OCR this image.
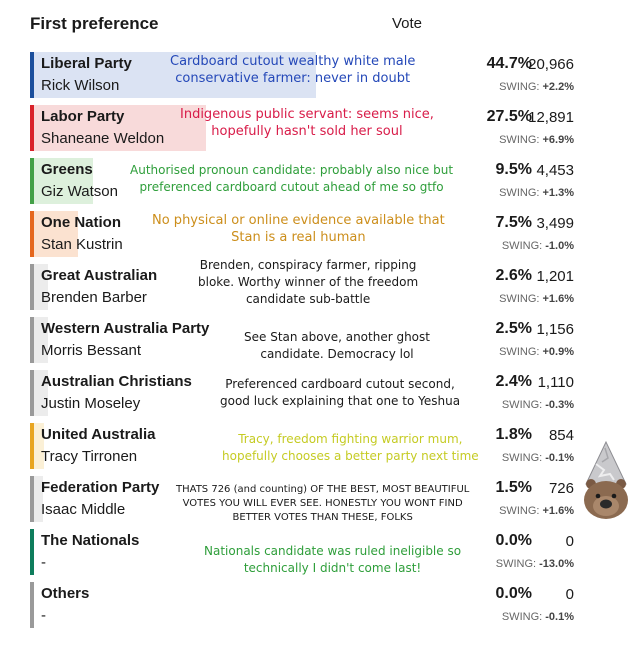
First preference	Vote
Liberal Party
Rick Wilson
Cardboard cutout wealthy white male
conservative farmer: never in doubt
44.7%
20,966
SWING: +2.2%
Labor Party
Shaneane Weldon
Indigenous public servant: seems nice,
hopefully hasn't sold her soul
27.5%
12,891
SWING: +6.9%
Greens
Giz Watson
Authorised pronoun candidate: probably also nice but
preferenced cardboard cutout ahead of me so gtfo
9.5% 4,453
SWING: +1.3%
One Nation
Stan Kustrin
No physical or online evidence available that
Stan is a real human
7.5% 3,499
SWING: -1.0%
Great Australian
Brenden Barber
Brenden, conspiracy farmer, ripping
bloke. Worthy winner of the freedom
candidate sub-battle
2.6% 1,201
SWING: +1.6%
Western Australia Party
Morris Bessant
See Stan above, another ghost
candidate. Democracy lol
2.5% 1,156
SWING: +0.9%
Australian Christians
Justin Moseley
Preferenced cardboard cutout second,
good luck explaining that one to Yeshua
2.4% 1,110
SWING: -0.3%
United Australia
Tracy Tirronen
Tracy, freedom fighting warrior mum,
hopefully chooses a better party next time
1.8% 854
SWING: -0.1%
Federation Party
Isaac Middle
THATS 726 (and counting) OF THE BEST, MOST BEAUTIFUL
VOTES YOU WILL EVER SEE. HONESTLY YOU WONT FIND
BETTER VOTES THAN THESE, FOLKS
1.5% 726
SWING: +1.6%
The Nationals
-
Nationals candidate was ruled ineligible so
technically I didn't come last!
0.0% 0
SWING: -13.0%
Others
-
0.0% 0
SWING: -0.1%
